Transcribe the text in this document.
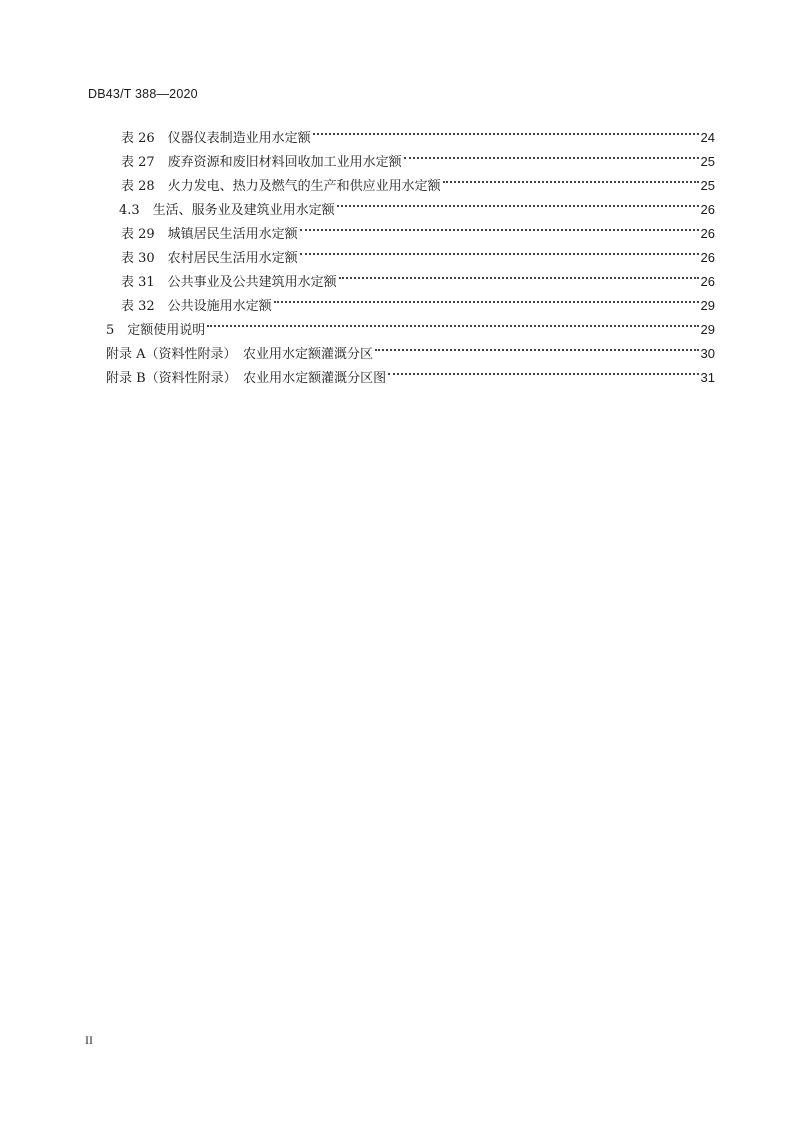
DB43/T 388—2020
表 26　仪器仪表制造业用水定额	24
表 27　废弃资源和废旧材料回收加工业用水定额	25
表 28　火力发电、热力及燃气的生产和供应业用水定额	25
4.3　生活、服务业及建筑业用水定额	26
表 29　城镇居民生活用水定额	26
表 30　农村居民生活用水定额	26
表 31　公共事业及公共建筑用水定额	26
表 32　公共设施用水定额	29
5　定额使用说明	29
附录 A（资料性附录）　农业用水定额灌溉分区	30
附录 B（资料性附录）　农业用水定额灌溉分区图	31
II
